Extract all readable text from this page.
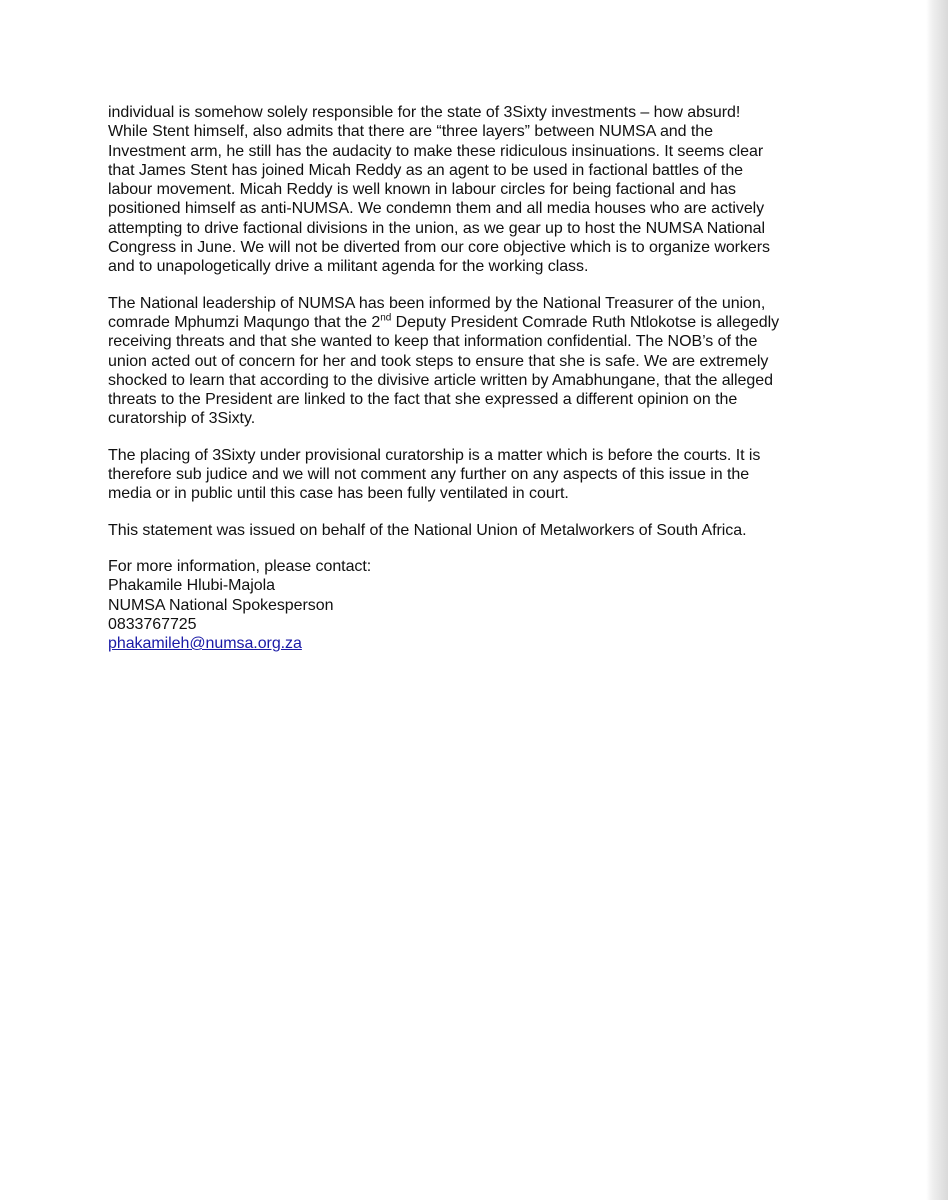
individual is somehow solely responsible for the state of 3Sixty investments – how absurd!
While Stent himself, also admits that there are “three layers” between NUMSA and the
Investment arm, he still has the audacity to make these ridiculous insinuations. It seems clear
that James Stent has joined Micah Reddy as an agent to be used in factional battles of the
labour movement. Micah Reddy is well known in labour circles for being factional and has
positioned himself as anti-NUMSA. We condemn them and all media houses who are actively
attempting to drive factional divisions in the union, as we gear up to host the NUMSA National
Congress in June. We will not be diverted from our core objective which is to organize workers
and to unapologetically drive a militant agenda for the working class.

The National leadership of NUMSA has been informed by the National Treasurer of the union,
comrade Mphumzi Maqungo that the 2nd Deputy President Comrade Ruth Ntlokotse is allegedly
receiving threats and that she wanted to keep that information confidential. The NOB’s of the
union acted out of concern for her and took steps to ensure that she is safe. We are extremely
shocked to learn that according to the divisive article written by Amabhungane, that the alleged
threats to the President are linked to the fact that she expressed a different opinion on the
curatorship of 3Sixty.

The placing of 3Sixty under provisional curatorship is a matter which is before the courts. It is
therefore sub judice and we will not comment any further on any aspects of this issue in the
media or in public until this case has been fully ventilated in court.

This statement was issued on behalf of the National Union of Metalworkers of South Africa.

For more information, please contact:
Phakamile Hlubi-Majola
NUMSA National Spokesperson
0833767725
phakamileh@numsa.org.za
